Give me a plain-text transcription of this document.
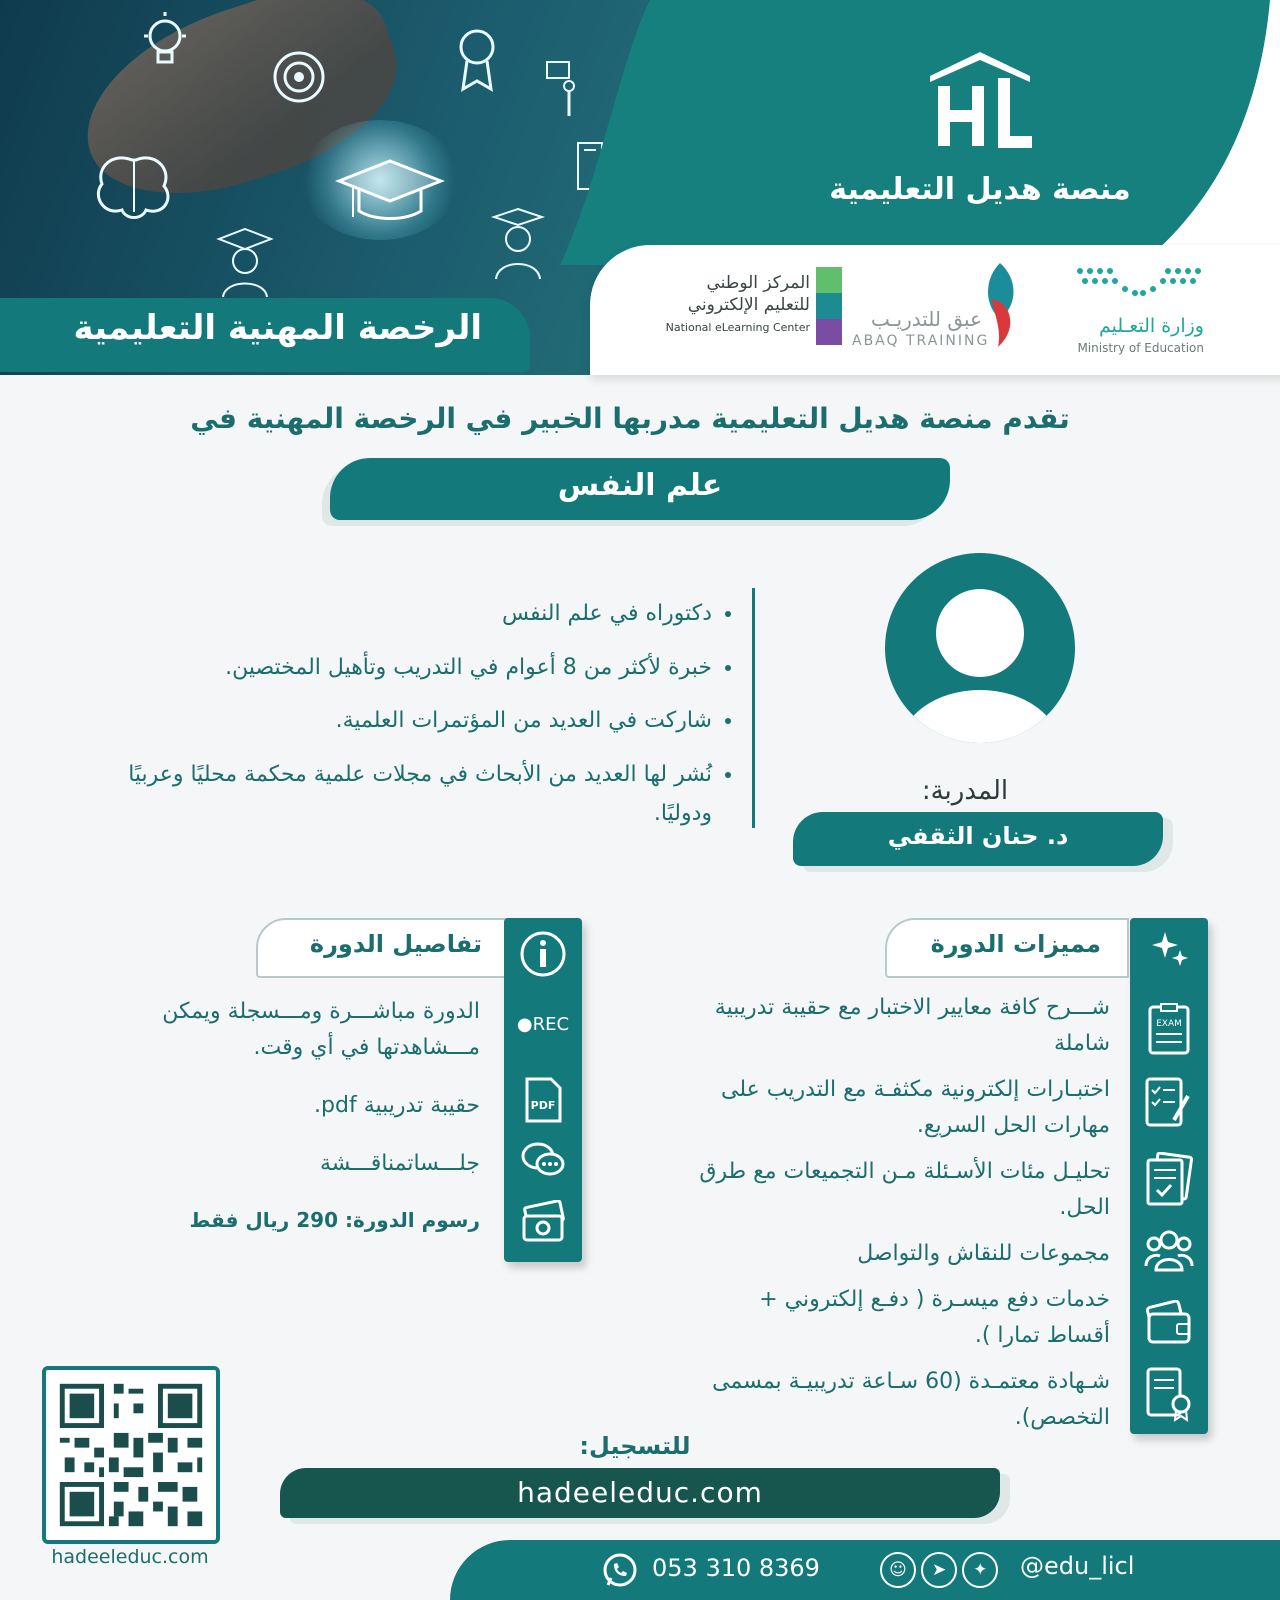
منصة هديل التعليمية
وزارة التعـليم
Ministry of Education
عبق للتدريـب
ABAQ TRAINING
المركز الوطني
للتعليم الإلكتروني
National eLearning Center
الرخصة المهنية التعليمية
تقدم منصة هديل التعليمية مدربها الخبير في الرخصة المهنية في
علم النفس
المدربة:
د. حنان الثقفي
• دكتوراه في علم النفس
• خبرة لأكثر من 8 أعوام في التدريب وتأهيل المختصين.
• شاركت في العديد من المؤتمرات العلمية.
• نُشر لها العديد من الأبحاث في مجلات علمية محكمة محليًا وعربيًا ودوليًا.
مميزات الدورة
EXAM
شـــرح كافة معايير الاختبار مع حقيبة تدريبية شاملة
اختبـارات إلكترونية مكثفـة مع التدريب على مهارات الحل السريع.
تحليـل مئات الأسـئلة مـن التجميعات مع طرق الحل.
مجموعات للنقاش والتواصل
خدمات دفع ميسـرة ( دفـع إلكتروني + أقساط تمارا ).
شـهادة معتمـدة (60 سـاعة تدريبيـة بمسمى التخصص).
تفاصيل الدورة
●REC
PDF
الدورة مباشـــرة ومـــسجلة ويمكن مـــشاهدتها في أي وقت.
حقيبة تدريبية pdf.
جلـــساتمناقـــشة
رسوم الدورة: 290 ريال فقط
hadeeleduc.com
للتسجيل:
hadeeleduc.com
053 310 8369	☺ ➤ ✦	@edu_licl
